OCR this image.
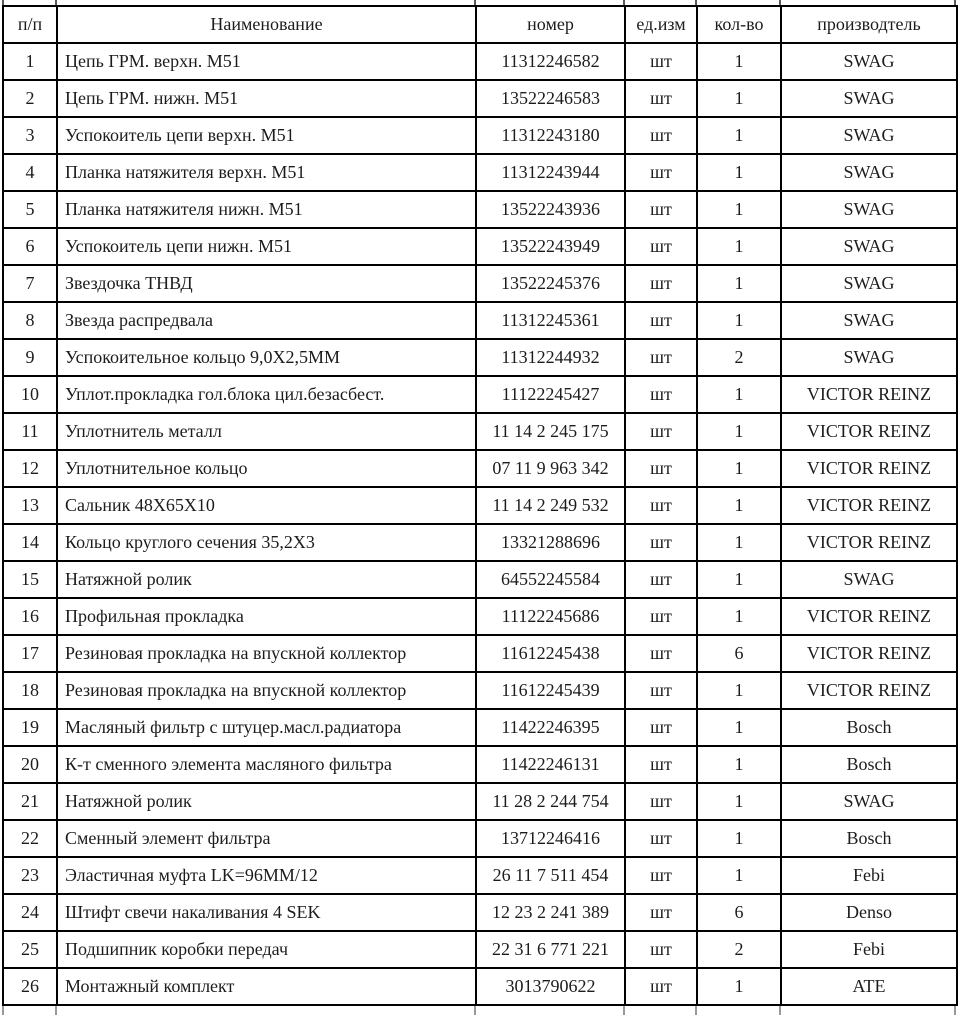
п/п	Наименование	номер	ед.изм	кол-во	производтель
1	Цепь ГРМ. верхн. М51	11312246582	шт	1	SWAG
2	Цепь ГРМ. нижн. М51	13522246583	шт	1	SWAG
3	Успокоитель цепи верхн. М51	11312243180	шт	1	SWAG
4	Планка натяжителя верхн. М51	11312243944	шт	1	SWAG
5	Планка натяжителя нижн. М51	13522243936	шт	1	SWAG
6	Успокоитель цепи нижн. М51	13522243949	шт	1	SWAG
7	Звездочка ТНВД	13522245376	шт	1	SWAG
8	Звезда распредвала	11312245361	шт	1	SWAG
9	Успокоительное кольцо 9,0Х2,5ММ	11312244932	шт	2	SWAG
10	Уплот.прокладка гол.блока цил.безасбест.	11122245427	шт	1	VICTOR REINZ
11	Уплотнитель металл	11 14 2 245 175	шт	1	VICTOR REINZ
12	Уплотнительное кольцо	07 11 9 963 342	шт	1	VICTOR REINZ
13	Сальник 48Х65Х10	11 14 2 249 532	шт	1	VICTOR REINZ
14	Кольцо круглого сечения 35,2Х3	13321288696	шт	1	VICTOR REINZ
15	Натяжной ролик	64552245584	шт	1	SWAG
16	Профильная прокладка	11122245686	шт	1	VICTOR REINZ
17	Резиновая прокладка на впускной коллектор	11612245438	шт	6	VICTOR REINZ
18	Резиновая прокладка на впускной коллектор	11612245439	шт	1	VICTOR REINZ
19	Масляный фильтр с штуцер.масл.радиатора	11422246395	шт	1	Bosch
20	К-т сменного элемента масляного фильтра	11422246131	шт	1	Bosch
21	Натяжной ролик	11 28 2 244 754	шт	1	SWAG
22	Сменный элемент фильтра	13712246416	шт	1	Bosch
23	Эластичная муфта LK=96ММ/12	26 11 7 511 454	шт	1	Febi
24	Штифт свечи накаливания 4 SEK	12 23 2 241 389	шт	6	Denso
25	Подшипник коробки передач	22 31 6 771 221	шт	2	Febi
26	Монтажный комплект	3013790622	шт	1	ATE
